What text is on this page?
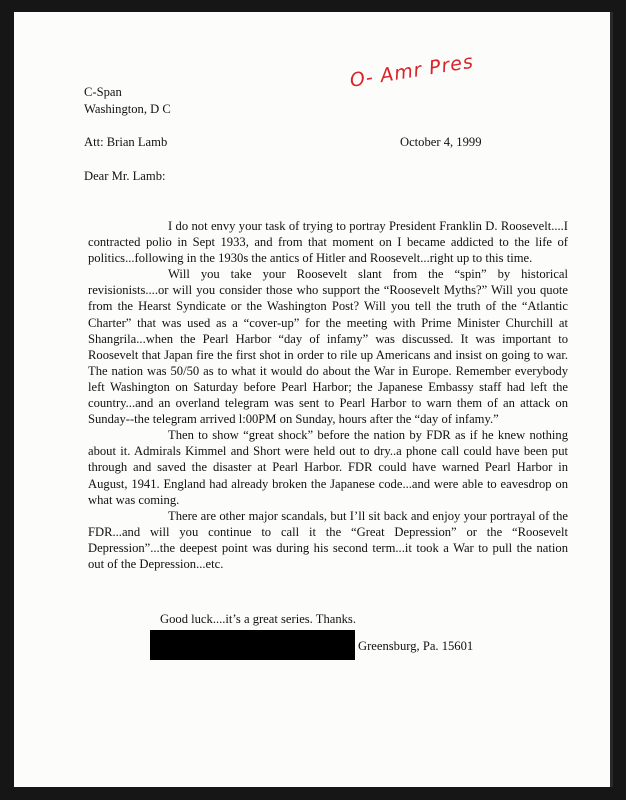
C-Span
Washington, D C
O- Amr Pres
Att: Brian Lamb	October 4, 1999
Dear Mr. Lamb:

I do not envy your task of trying to portray President Franklin D. Roosevelt....I contracted polio in Sept 1933, and from that moment on I became addicted to the life of politics...following in the 1930s the antics of Hitler and Roosevelt...right up to this time.

Will you take your Roosevelt slant from the “spin” by historical revisionists....or will you consider those who support the “Roosevelt Myths?” Will you quote from the Hearst Syndicate or the Washington Post? Will you tell the truth of the “Atlantic Charter” that was used as a “cover-up” for the meeting with Prime Minister Churchill at Shangrila...when the Pearl Harbor “day of infamy” was discussed. It was important to Roosevelt that Japan fire the first shot in order to rile up Americans and insist on going to war. The nation was 50/50 as to what it would do about the War in Europe. Remember everybody left Washington on Saturday before Pearl Harbor; the Japanese Embassy staff had left the country...and an overland telegram was sent to Pearl Harbor to warn them of an attack on Sunday--the telegram arrived l:00PM on Sunday, hours after the “day of infamy.”

Then to show “great shock” before the nation by FDR as if he knew nothing about it. Admirals Kimmel and Short were held out to dry..a phone call could have been put through and saved the disaster at Pearl Harbor. FDR could have warned Pearl Harbor in August, 1941. England had already broken the Japanese code...and were able to eavesdrop on what was coming.

There are other major scandals, but I’ll sit back and enjoy your portrayal of the FDR...and will you continue to call it the “Great Depression” or the “Roosevelt Depression”...the deepest point was during his second term...it took a War to pull the nation out of the Depression...etc.

Good luck....it’s a great series. Thanks.
Greensburg, Pa. 15601
